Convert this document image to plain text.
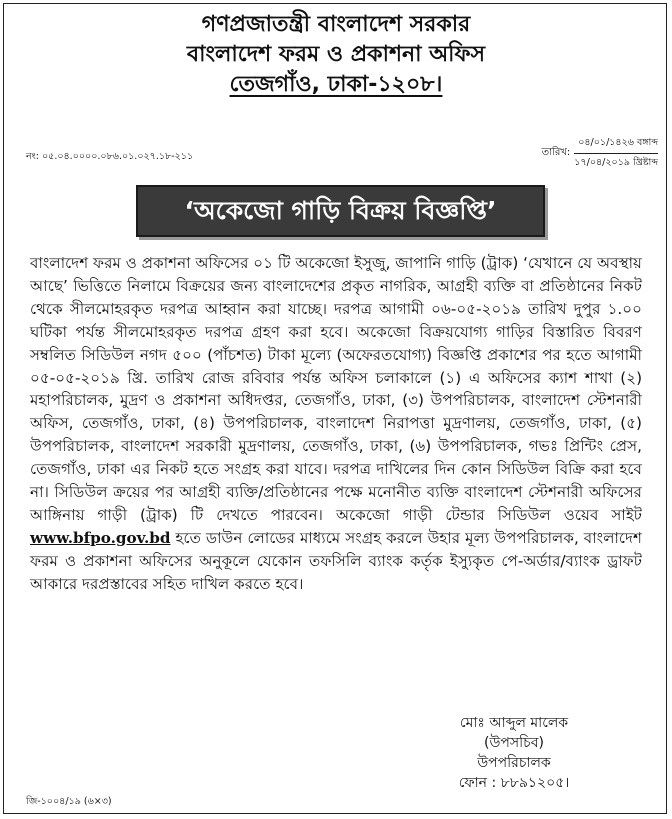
গণপ্রজাতন্ত্রী বাংলাদেশ সরকার
বাংলাদেশ ফরম ও প্রকাশনা অফিস
তেজগাঁও, ঢাকা-১২০৮।
নং: ০৫.০৪.০০০০.০৮৬.০১.০২৭.১৮-২১১	তারিখ:
০৪/০১/১৪২৬ বঙ্গাব্দ
১৭/০৪/২০১৯ খ্রিষ্টাব্দ
‘অকেজো গাড়ি বিক্রয় বিজ্ঞপ্তি’
বাংলাদেশ ফরম ও প্রকাশনা অফিসের ০১ টি অকেজো ইসুজু, জাপানি গাড়ি (ট্রাক) ‘যেখানে যে অবস্থায় আছে’ ভিত্তিতে নিলামে বিক্রয়ের জন্য বাংলাদেশের প্রকৃত নাগরিক, আগ্রহী ব্যক্তি বা প্রতিষ্ঠানের নিকট থেকে সীলমোহরকৃত দরপত্র আহ্বান করা যাচ্ছে। দরপত্র আগামী ০৬-০৫-২০১৯ তারিখ দুপুর ১.০০ ঘটিকা পর্যন্ত সীলমোহরকৃত দরপত্র গ্রহণ করা হবে। অকেজো বিক্রয়যোগ্য গাড়ির বিস্তারিত বিবরণ সম্বলিত সিডিউল নগদ ৫০০ (পাঁচশত) টাকা মূল্যে (অফেরতযোগ্য) বিজ্ঞপ্তি প্রকাশের পর হতে আগামী ০৫-০৫-২০১৯ খ্রি. তারিখ রোজ রবিবার পর্যন্ত অফিস চলাকালে (১) এ অফিসের ক্যাশ শাখা (২) মহাপরিচালক, মুদ্রণ ও প্রকাশনা অধিদপ্তর, তেজগাঁও, ঢাকা, (৩) উপপরিচালক, বাংলাদেশ স্টেশনারী অফিস, তেজগাঁও, ঢাকা, (৪) উপপরিচালক, বাংলাদেশ নিরাপত্তা মুদ্রণালয়, তেজগাঁও, ঢাকা, (৫) উপপরিচালক, বাংলাদেশ সরকারী মুদ্রণালয়, তেজগাঁও, ঢাকা, (৬) উপপরিচালক, গভঃ প্রিন্টিং প্রেস, তেজগাঁও, ঢাকা এর নিকট হতে সংগ্রহ করা যাবে। দরপত্র দাখিলের দিন কোন সিডিউল বিক্রি করা হবে না। সিডিউল ক্রয়ের পর আগ্রহী ব্যক্তি/প্রতিষ্ঠানের পক্ষে মনোনীত ব্যক্তি বাংলাদেশ স্টেশনারী অফিসের আঙ্গিনায় গাড়ী (ট্রাক) টি দেখতে পারবেন। অকেজো গাড়ী টেন্ডার সিডিউল ওয়েব সাইট www.bfpo.gov.bd হতে ডাউন লোডের মাধ্যমে সংগ্রহ করলে উহার মূল্য উপপরিচালক, বাংলাদেশ ফরম ও প্রকাশনা অফিসের অনুকূলে যেকোন তফসিলি ব্যাংক কর্তৃক ইস্যুকৃত পে-অর্ডার/ব্যাংক ড্রাফট আকারে দরপ্রস্তাবের সহিত দাখিল করতে হবে।
মোঃ আব্দুল মালেক
(উপসচিব)
উপপরিচালক
ফোন : ৮৮৯১২০৫।
জি-১০০৪/১৯ (৬×৩)
